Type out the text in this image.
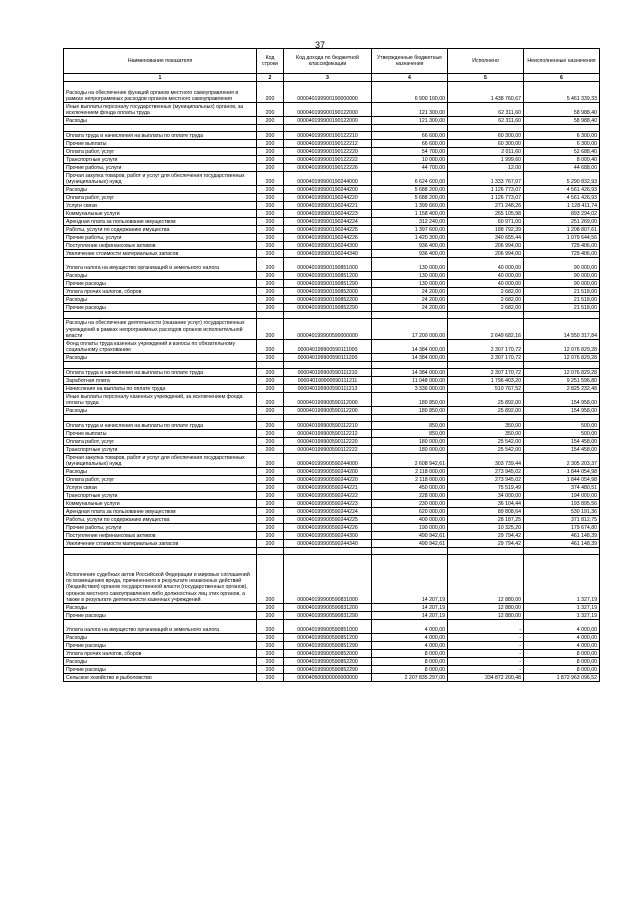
37
Наименование показателя	Код строки	Код дохода по бюджетной классификации	Утвержденные бюджетные назначения	Исполнено	Неисполненные назначения
1	2	3	4	5	6
Расходы на обеспечение функций органов местного самоуправления в рамках непрограммных расходов органов местного самоуправления	200	000040199900190000000	6 900 100,00	1 438 760,67	5 461 339,33
Иные выплаты персоналу государственных (муниципальных) органов, за исключением фонда оплаты труда	200	000040199900190122000	121 300,00	62 311,60	58 988,40
Расходы	200	000040199900190122000	121 300,00	62 311,60	58 988,40

Оплата труда и начисления на выплаты по оплате труда	200	000040199900190122210	66 600,00	60 300,00	6 300,00
Прочие выплаты	200	000040199900190122212	66 600,00	60 300,00	6 300,00
Оплата работ, услуг	200	000040199900190122220	54 700,00	2 011,60	52 688,40
Транспортные услуги	200	000040199900190122222	10 000,00	1 999,60	8 000,40
Прочие работы, услуги	200	000040199900190122226	44 700,00	12,00	44 688,00
Прочая закупка товаров, работ и услуг для обеспечения государственных (муниципальных) нужд	200	000040199900190244000	6 624 600,00	1 333 767,07	5 290 832,93
Расходы	200	000040199900190244200	5 688 200,00	1 126 773,07	4 561 426,93
Оплата работ, услуг	200	000040199900190244220	5 688 200,00	1 126 773,07	4 561 426,93
Услуги связи	200	000040199900190244221	1 399 660,00	271 248,26	1 128 411,74
Коммунальные услуги	200	000040199900190244223	1 158 400,00	265 105,98	893 294,02
Арендная плата за пользование имуществом	200	000040199900190244224	312 240,00	60 971,00	251 269,00
Работы, услуги по содержанию имущества	200	000040199900190244225	1 397 600,00	188 792,39	1 208 807,61
Прочие работы, услуги	200	000040199900190244226	1 420 300,00	340 655,44	1 079 644,56
Поступление нефинансовых активов	200	000040199900190244300	936 400,00	206 994,00	729 406,00
Увеличение стоимости материальных запасов	200	000040199900190244340	936 400,00	206 994,00	729 406,00
Уплата налога на имущество организаций и земельного налога	200	000040199900190851000	130 000,00	40 000,00	90 000,00
Расходы	200	000040199900190851200	130 000,00	40 000,00	90 000,00
Прочие расходы	200	000040199900190851290	130 000,00	40 000,00	90 000,00
Уплата прочих налогов, сборов	200	000040199900190852000	24 200,00	2 682,00	21 518,00
Расходы	200	000040199900190852200	24 200,00	2 682,00	21 518,00
Прочие расходы	200	000040199900190852290	24 200,00	2 682,00	21 518,00

Расходы на обеспечение деятельности (оказание услуг) государственных учреждений в рамках непрограммных расходов органов исполнительной власти	200	000040199900590000000	17 200 000,00	2 649 682,16	14 550 317,84
Фонд оплаты труда казенных учреждений и взносы по обязательному социальному страхованию	200	000040199900590111000	14 384 000,00	2 307 170,72	12 076 829,28
Расходы	200	000040199900590111200	14 384 000,00	2 307 170,72	12 076 829,28

Оплата труда и начисления на выплаты по оплате труда	200	000040199900590111210	14 384 000,00	2 307 170,72	12 076 829,28
Заработная плата	200	000040199900590111211	11 048 000,00	1 796 403,20	9 251 596,80
Начисления на выплаты по оплате труда	200	000040199900590111213	3 336 000,00	510 767,52	2 825 232,48
Иные выплаты персоналу казенных учреждений, за исключением фонда оплаты труда	200	000040199900590112000	180 850,00	25 892,00	154 958,00
Расходы	200	000040199900590112200	180 850,00	25 892,00	154 958,00

Оплата труда и начисления на выплаты по оплате труда	200	000040199900590112210	850,00	350,00	500,00
Прочие выплаты	200	000040199900590112212	850,00	350,00	500,00
Оплата работ, услуг	200	000040199900590112220	180 000,00	25 542,00	154 458,00
Транспортные услуги	200	000040199900590112222	180 000,00	25 542,00	154 458,00
Прочая закупка товаров, работ и услуг для обеспечения государственных (муниципальных) нужд	200	000040199900590244000	2 608 942,61	303 739,44	2 305 203,37
Расходы	200	000040199900590244200	2 118 000,00	273 945,02	1 844 054,98
Оплата работ, услуг	200	000040199900590244220	2 118 000,00	273 945,02	1 844 054,98
Услуги связи	200	000040199900590244221	450 000,00	75 519,49	374 480,51
Транспортные услуги	200	000040199900590244222	228 000,00	34 000,00	194 000,00
Коммунальные услуги	200	000040199900590244223	230 000,00	36 104,44	193 895,56
Арендная плата за пользование имуществом	200	000040199900590244224	620 000,00	89 808,64	530 191,36
Работы, услуги по содержанию имущества	200	000040199900590244225	400 000,00	28 187,25	371 812,75
Прочие работы, услуги	200	000040199900590244226	190 000,00	10 325,20	179 674,80
Поступление нефинансовых активов	200	000040199900590244300	490 942,61	29 794,42	461 148,39
Увеличение стоимости материальных запасов	200	000040199900590244340	490 942,61	29 794,42	461 148,39

Исполнение судебных актов Российской Федерации и мировых соглашений по возмещению вреда, причиненного в результате незаконных действий (бездействия) органов государственной власти (государственных органов), органов местного самоуправления либо должностных лиц этих органов, а также в результате деятельности казенных учреждений	200	000040199900590831000	14 207,19	12 880,00	1 327,19
Расходы	200	000040199900590831200	14 207,19	12 880,00	1 327,19
Прочие расходы	200	000040199900590831290	14 207,19	12 880,00	1 327,19
Уплата налога на имущество организаций и земельного налога	200	000040199900590851000	4 000,00	-	4 000,00
Расходы	200	000040199900590851200	4 000,00	-	4 000,00
Прочие расходы	200	000040199900590851290	4 000,00	-	4 000,00
Уплата прочих налогов, сборов	200	000040199900590852000	8 000,00	-	8 000,00
Расходы	200	000040199900590852200	8 000,00	-	8 000,00
Прочие расходы	200	000040199900590852290	8 000,00	-	8 000,00
Сельское хозяйство и рыболовство	200	000040500000000000000	2 207 835 297,00	334 872 200,48	1 872 963 096,52
